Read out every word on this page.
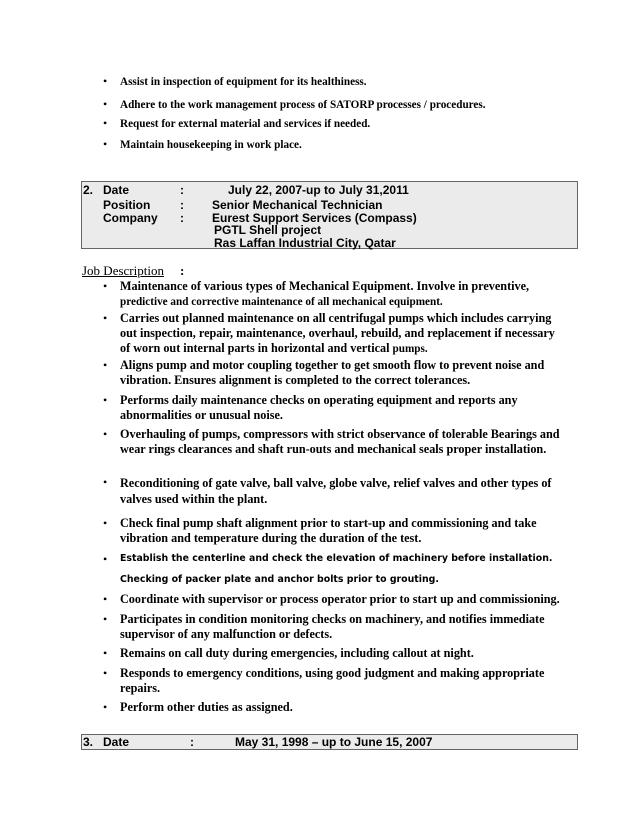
• Assist in inspection of equipment for its healthiness.
• Adhere to the work management process of SATORP processes / procedures.
• Request for external material and services if needed.
• Maintain housekeeping in work place.
2. Date
Position
Company
:
:
:
July 22, 2007-up to July 31,2011
Senior Mechanical Technician
Eurest Support Services (Compass)
PGTL Shell project
Ras Laffan Industrial City, Qatar
Job Description :
• Maintenance of various types of Mechanical Equipment. Involve in preventive, predictive and corrective maintenance of all mechanical equipment.
• Carries out planned maintenance on all centrifugal pumps which includes carrying out inspection, repair, maintenance, overhaul, rebuild, and replacement if necessary of worn out internal parts in horizontal and vertical pumps.
• Aligns pump and motor coupling together to get smooth flow to prevent noise and vibration. Ensures alignment is completed to the correct tolerances.
• Performs daily maintenance checks on operating equipment and reports any abnormalities or unusual noise.
• Overhauling of pumps, compressors with strict observance of tolerable Bearings and wear rings clearances and shaft run-outs and mechanical seals proper installation.
• Reconditioning of gate valve, ball valve, globe valve, relief valves and other types of valves used within the plant.
• Check final pump shaft alignment prior to start-up and commissioning and take vibration and temperature during the duration of the test.
• Establish the centerline and check the elevation of machinery before installation.
Checking of packer plate and anchor bolts prior to grouting.
• Coordinate with supervisor or process operator prior to start up and commissioning.
• Participates in condition monitoring checks on machinery, and notifies immediate supervisor of any malfunction or defects.
• Remains on call duty during emergencies, including callout at night.
• Responds to emergency conditions, using good judgment and making appropriate repairs.
• Perform other duties as assigned.
3. Date	:	May 31, 1998 – up to June 15, 2007
